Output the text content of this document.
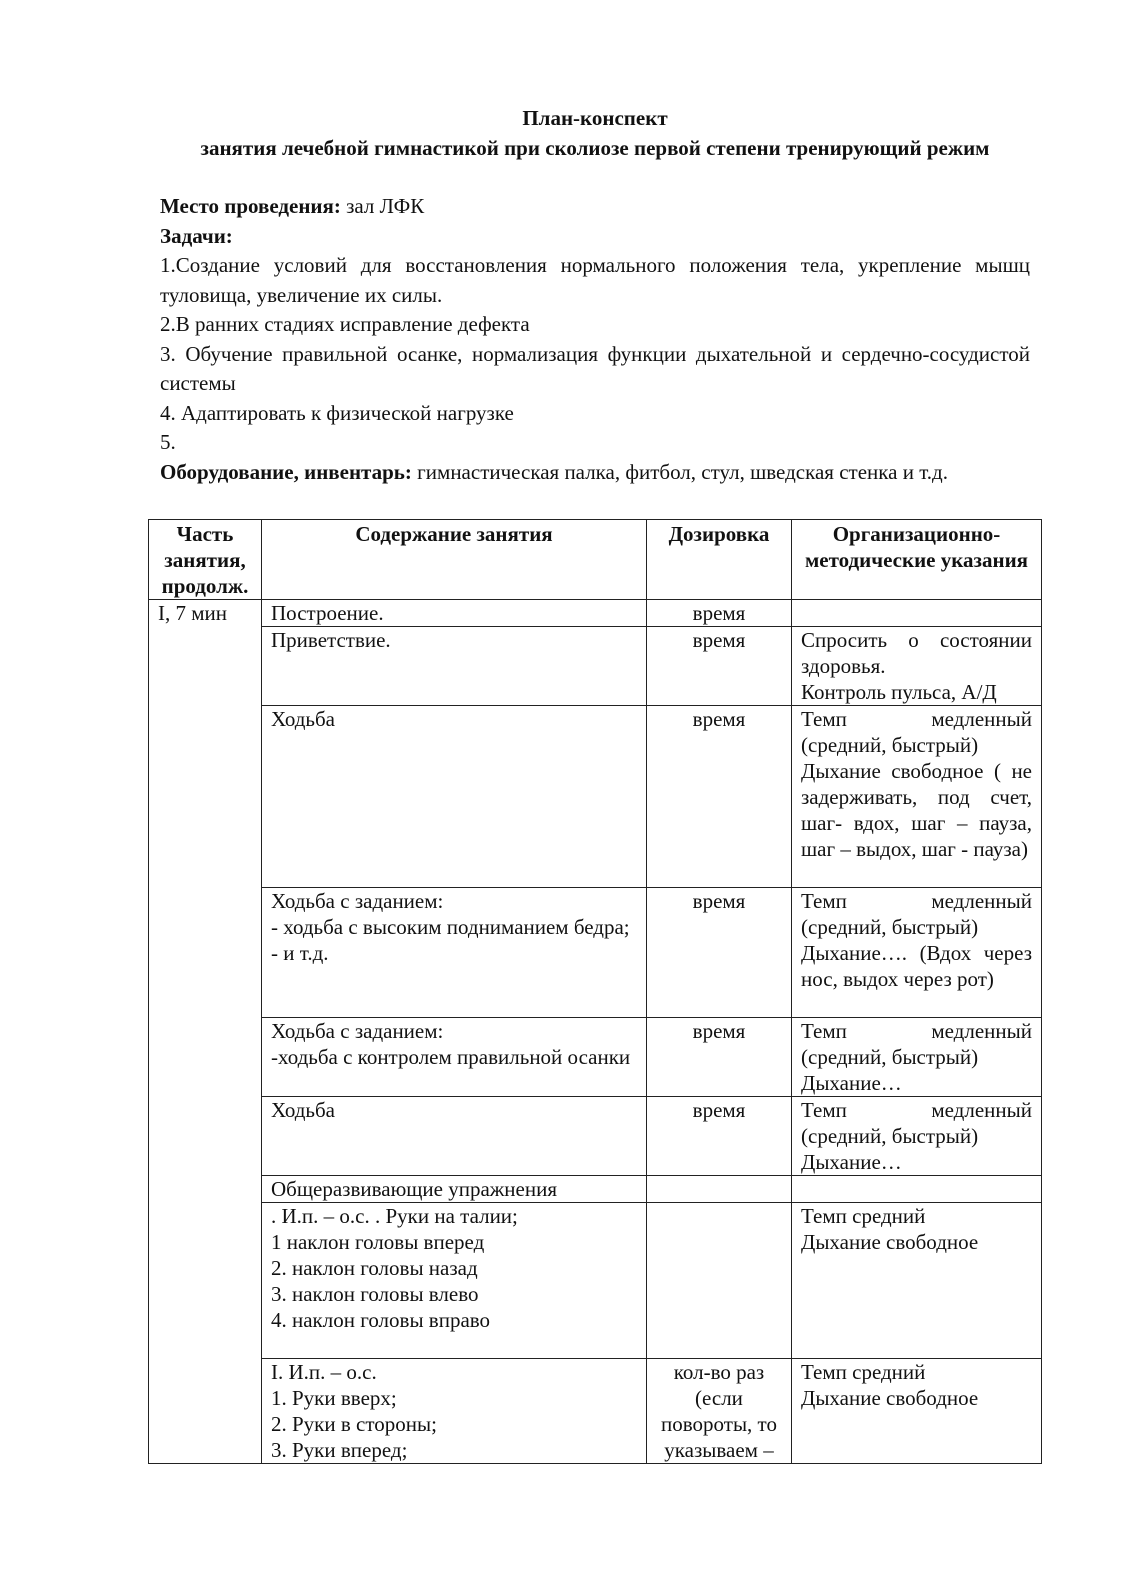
План-конспект
занятия лечебной гимнастикой при сколиозе первой степени тренирующий режим

Место проведения: зал ЛФК

Задачи:

1.Создание условий для восстановления нормального положения тела, укрепление мышц туловища, увеличение их силы.

2.В ранних стадиях исправление дефекта

3. Обучение правильной осанке, нормализация функции дыхательной и сердечно-сосудистой системы

4. Адаптировать к физической нагрузке

5.

Оборудование, инвентарь: гимнастическая палка, фитбол, стул, шведская стенка и т.д.

Часть занятия, продолж.	Содержание занятия	Дозировка	Организационно-методические указания
I, 7 мин	Построение.	время	
	Приветствие.	время	Спросить о состоянии здоровья.
Контроль пульса, А/Д
	Ходьба	время	Темп медленный (средний, быстрый)
Дыхание свободное ( не задерживать, под счет, шаг- вдох, шаг – пауза, шаг – выдох, шаг - пауза)
	Ходьба с заданием:
- ходьба с высоким подниманием бедра;
- и т.д.	время	Темп медленный (средний, быстрый)
Дыхание…. (Вдох через нос, выдох через рот)
	Ходьба с заданием:
-ходьба с контролем правильной осанки	время	Темп медленный (средний, быстрый)
Дыхание…
	Ходьба	время	Темп медленный (средний, быстрый)
Дыхание…
	Общеразвивающие упражнения		
	. И.п. – о.с. . Руки на талии;
1 наклон головы вперед
2. наклон головы назад
3. наклон головы влево
4. наклон головы вправо		Темп средний
Дыхание свободное
	I. И.п. – о.с.
1. Руки вверх;
2. Руки в стороны;
3. Руки вперед;	кол-во раз (если повороты, то указываем –	Темп средний
Дыхание свободное
